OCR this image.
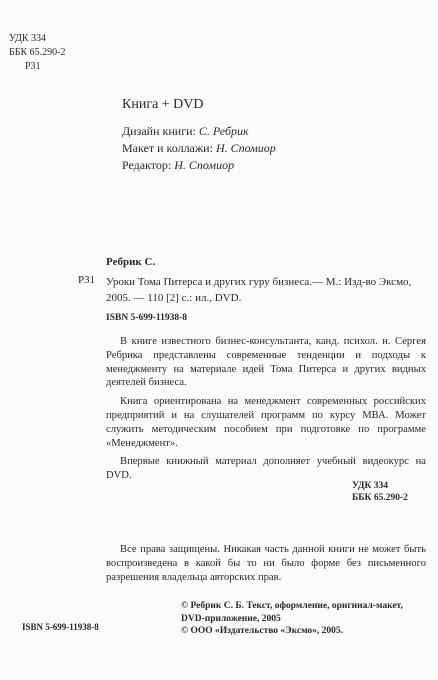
УДК 334
ББК 65.290-2
Р31
Книга + DVD
Дизайн книги: С. Ребрик
Макет и коллажи: Н. Спомиор
Редактор: Н. Спомиор
Ребрик С.
Р31 Уроки Тома Питерса и других гуру бизнеса.— М.: Изд-во Эксмо, 2005. — 110 [2] с.: ил., DVD.
ISBN 5-699-11938-8

В книге известного бизнес-консультанта, канд. психол. н. Сергея Ребрика представлены современные тенденции и подходы к менеджменту на материале идей Тома Питерса и других видных деятелей бизнеса.

Книга ориентирована на менеджмент современных российских предприятий и на слушателей программ по курсу МВА. Может служить методическим пособием при подготовке по программе «Менеджмент».

Впервые книжный материал дополняет учебный видеокурс на DVD.

УДК 334
ББК 65.290-2

Все права защищены. Никакая часть данной книги не может быть воспроизведена в какой бы то ни было форме без письменного разрешения владельца авторских прав.

© Ребрик С. Б. Текст, оформление, оригинал-макет,
DVD-приложение, 2005
© ООО «Издательство «Эксмо», 2005.
ISBN 5-699-11938-8
